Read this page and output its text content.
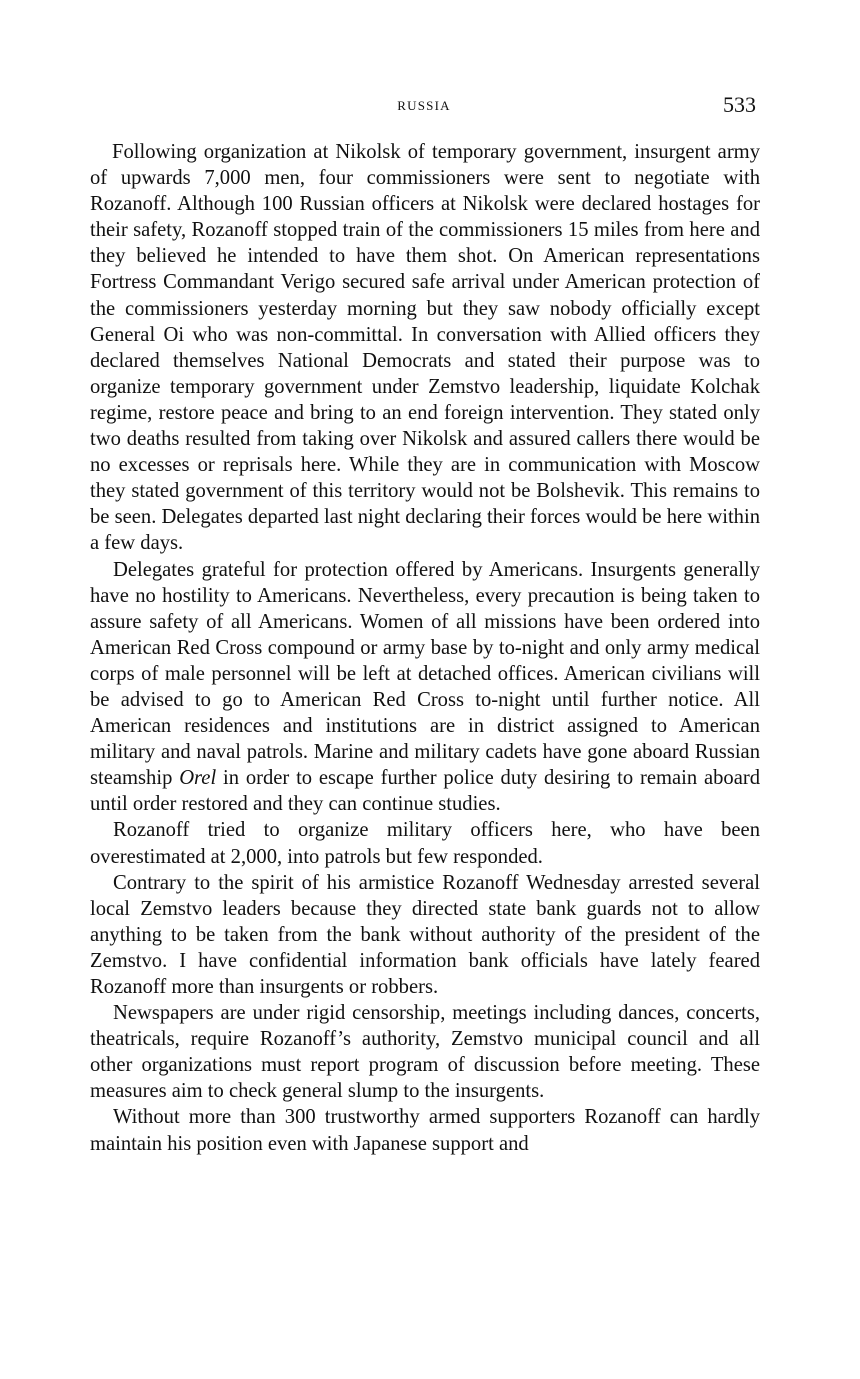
RUSSIA	533

Following organization at Nikolsk of temporary government, insurgent army of upwards 7,000 men, four commissioners were sent to negotiate with Rozanoff. Although 100 Russian officers at Nikolsk were declared hostages for their safety, Rozanoff stopped train of the commissioners 15 miles from here and they believed he intended to have them shot. On American representations Fortress Commandant Verigo secured safe arrival under American protection of the commissioners yesterday morning but they saw nobody officially except General Oi who was non-committal. In conversation with Allied officers they declared themselves National Democrats and stated their purpose was to organize temporary government under Zemstvo leadership, liquidate Kolchak regime, restore peace and bring to an end foreign intervention. They stated only two deaths resulted from taking over Nikolsk and assured callers there would be no excesses or reprisals here. While they are in communication with Moscow they stated government of this territory would not be Bolshevik. This remains to be seen. Delegates departed last night declaring their forces would be here within a few days.

Delegates grateful for protection offered by Americans. Insurgents generally have no hostility to Americans. Nevertheless, every precaution is being taken to assure safety of all Americans. Women of all missions have been ordered into American Red Cross compound or army base by to-night and only army medical corps of male personnel will be left at detached offices. American civilians will be advised to go to American Red Cross to-night until further notice. All American residences and institutions are in district assigned to American military and naval patrols. Marine and military cadets have gone aboard Russian steamship Orel in order to escape further police duty desiring to remain aboard until order restored and they can continue studies.

Rozanoff tried to organize military officers here, who have been overestimated at 2,000, into patrols but few responded.

Contrary to the spirit of his armistice Rozanoff Wednesday arrested several local Zemstvo leaders because they directed state bank guards not to allow anything to be taken from the bank without authority of the president of the Zemstvo. I have confidential information bank officials have lately feared Rozanoff more than insurgents or robbers.

Newspapers are under rigid censorship, meetings including dances, concerts, theatricals, require Rozanoff’s authority, Zemstvo municipal council and all other organizations must report program of discussion before meeting. These measures aim to check general slump to the insurgents.

Without more than 300 trustworthy armed supporters Rozanoff can hardly maintain his position even with Japanese support and
